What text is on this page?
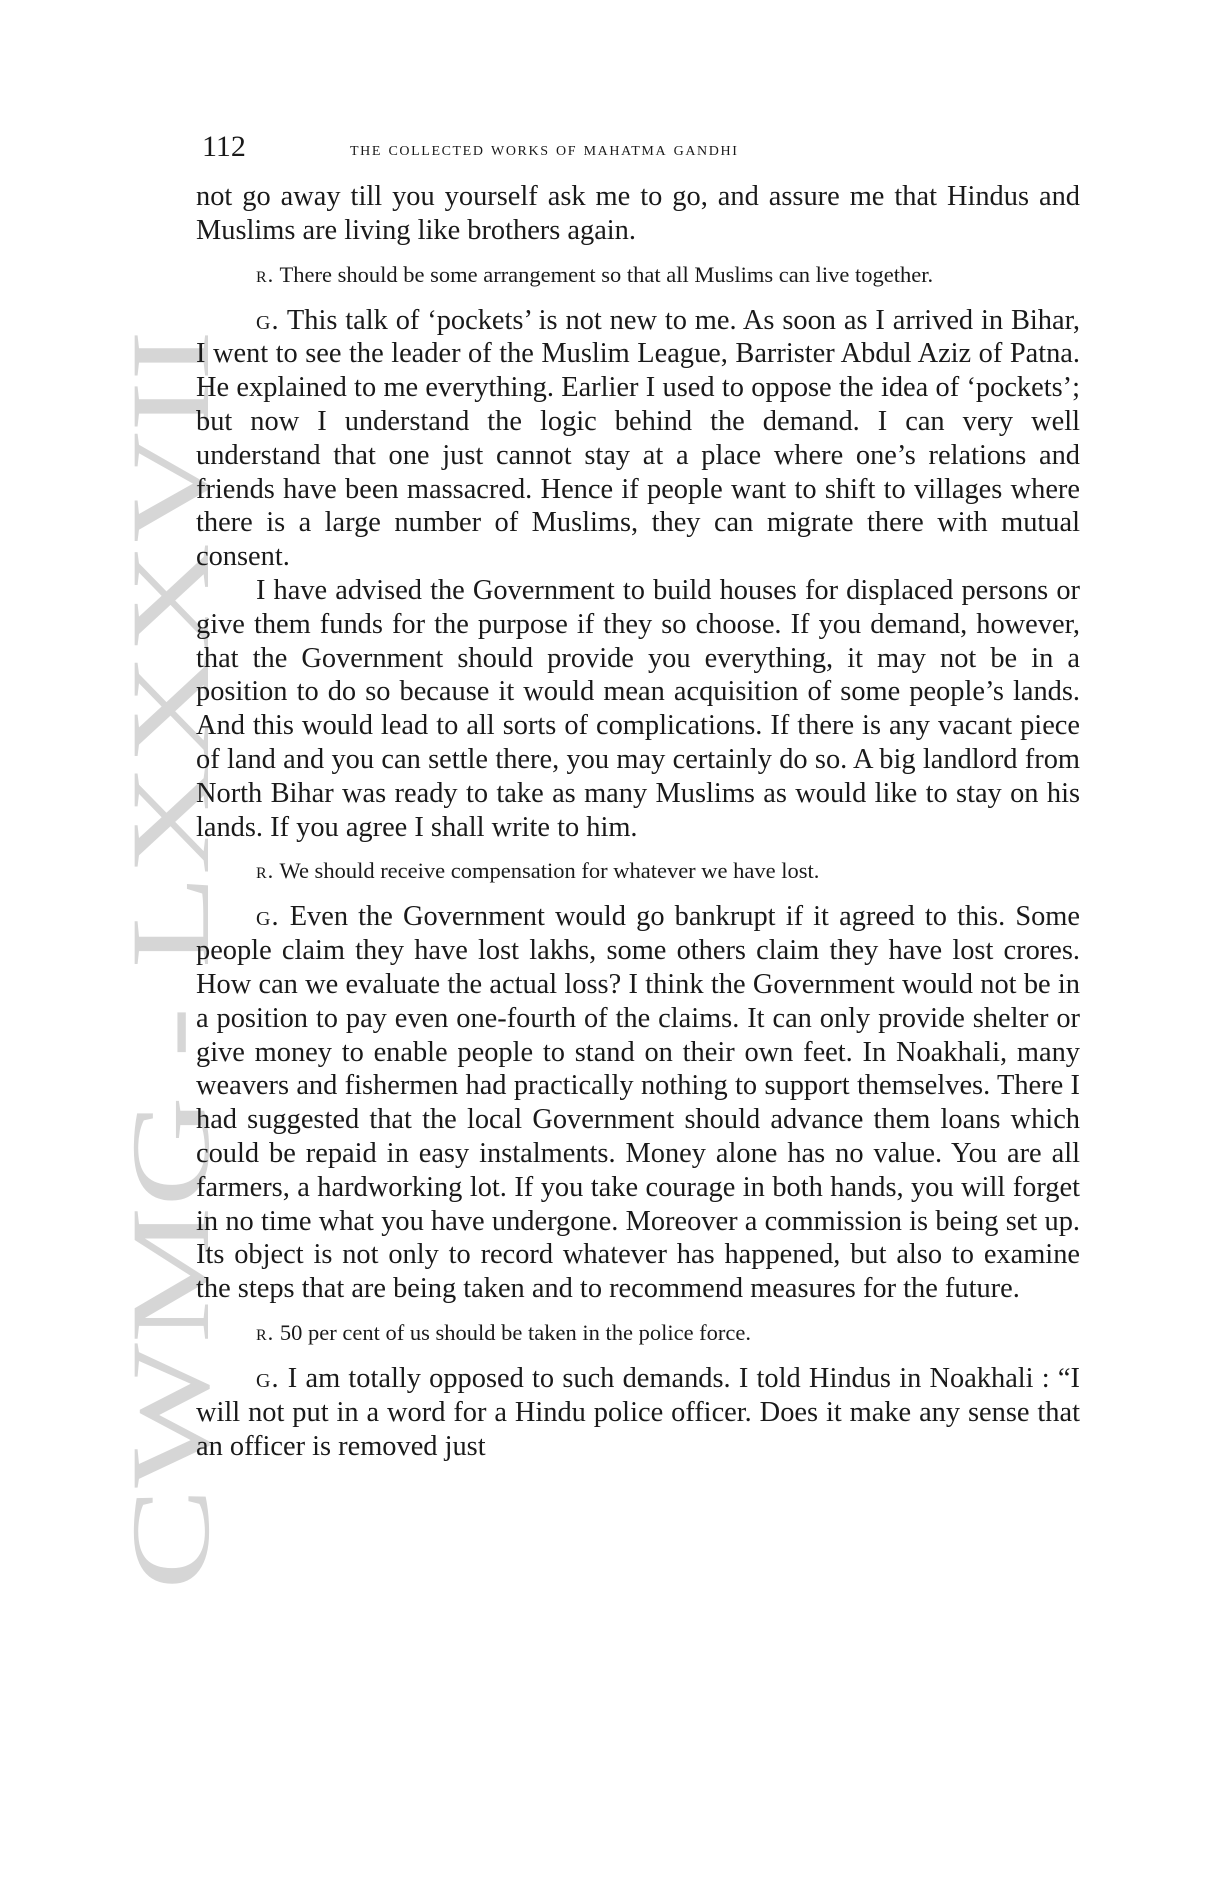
CWMG - LXXXVII
112	the collected works of mahatma gandhi

not go away till you yourself ask me to go, and assure me that Hindus and Muslims are living like brothers again.

r. There should be some arrangement so that all Muslims can live together.

g. This talk of ‘pockets’ is not new to me. As soon as I arrived in Bihar, I went to see the leader of the Muslim League, Barrister Abdul Aziz of Patna. He explained to me everything. Earlier I used to oppose the idea of ‘pockets’; but now I understand the logic behind the demand. I can very well understand that one just cannot stay at a place where one’s relations and friends have been massacred. Hence if people want to shift to villages where there is a large number of Muslims, they can migrate there with mutual consent.

I have advised the Government to build houses for displaced persons or give them funds for the purpose if they so choose. If you demand, however, that the Government should provide you everything, it may not be in a position to do so because it would mean acquisition of some people’s lands. And this would lead to all sorts of complications. If there is any vacant piece of land and you can settle there, you may certainly do so. A big landlord from North Bihar was ready to take as many Muslims as would like to stay on his lands. If you agree I shall write to him.

r. We should receive compensation for whatever we have lost.

g. Even the Government would go bankrupt if it agreed to this. Some people claim they have lost lakhs, some others claim they have lost crores. How can we evaluate the actual loss? I think the Government would not be in a position to pay even one-fourth of the claims. It can only provide shelter or give money to enable people to stand on their own feet. In Noakhali, many weavers and fishermen had practically nothing to support themselves. There I had suggested that the local Government should advance them loans which could be repaid in easy instalments. Money alone has no value. You are all farmers, a hardworking lot. If you take courage in both hands, you will forget in no time what you have undergone. Moreover a commission is being set up. Its object is not only to record whatever has happened, but also to examine the steps that are being taken and to recommend measures for the future.

r. 50 per cent of us should be taken in the police force.

g. I am totally opposed to such demands. I told Hindus in Noakhali : “I will not put in a word for a Hindu police officer. Does it make any sense that an officer is removed just
